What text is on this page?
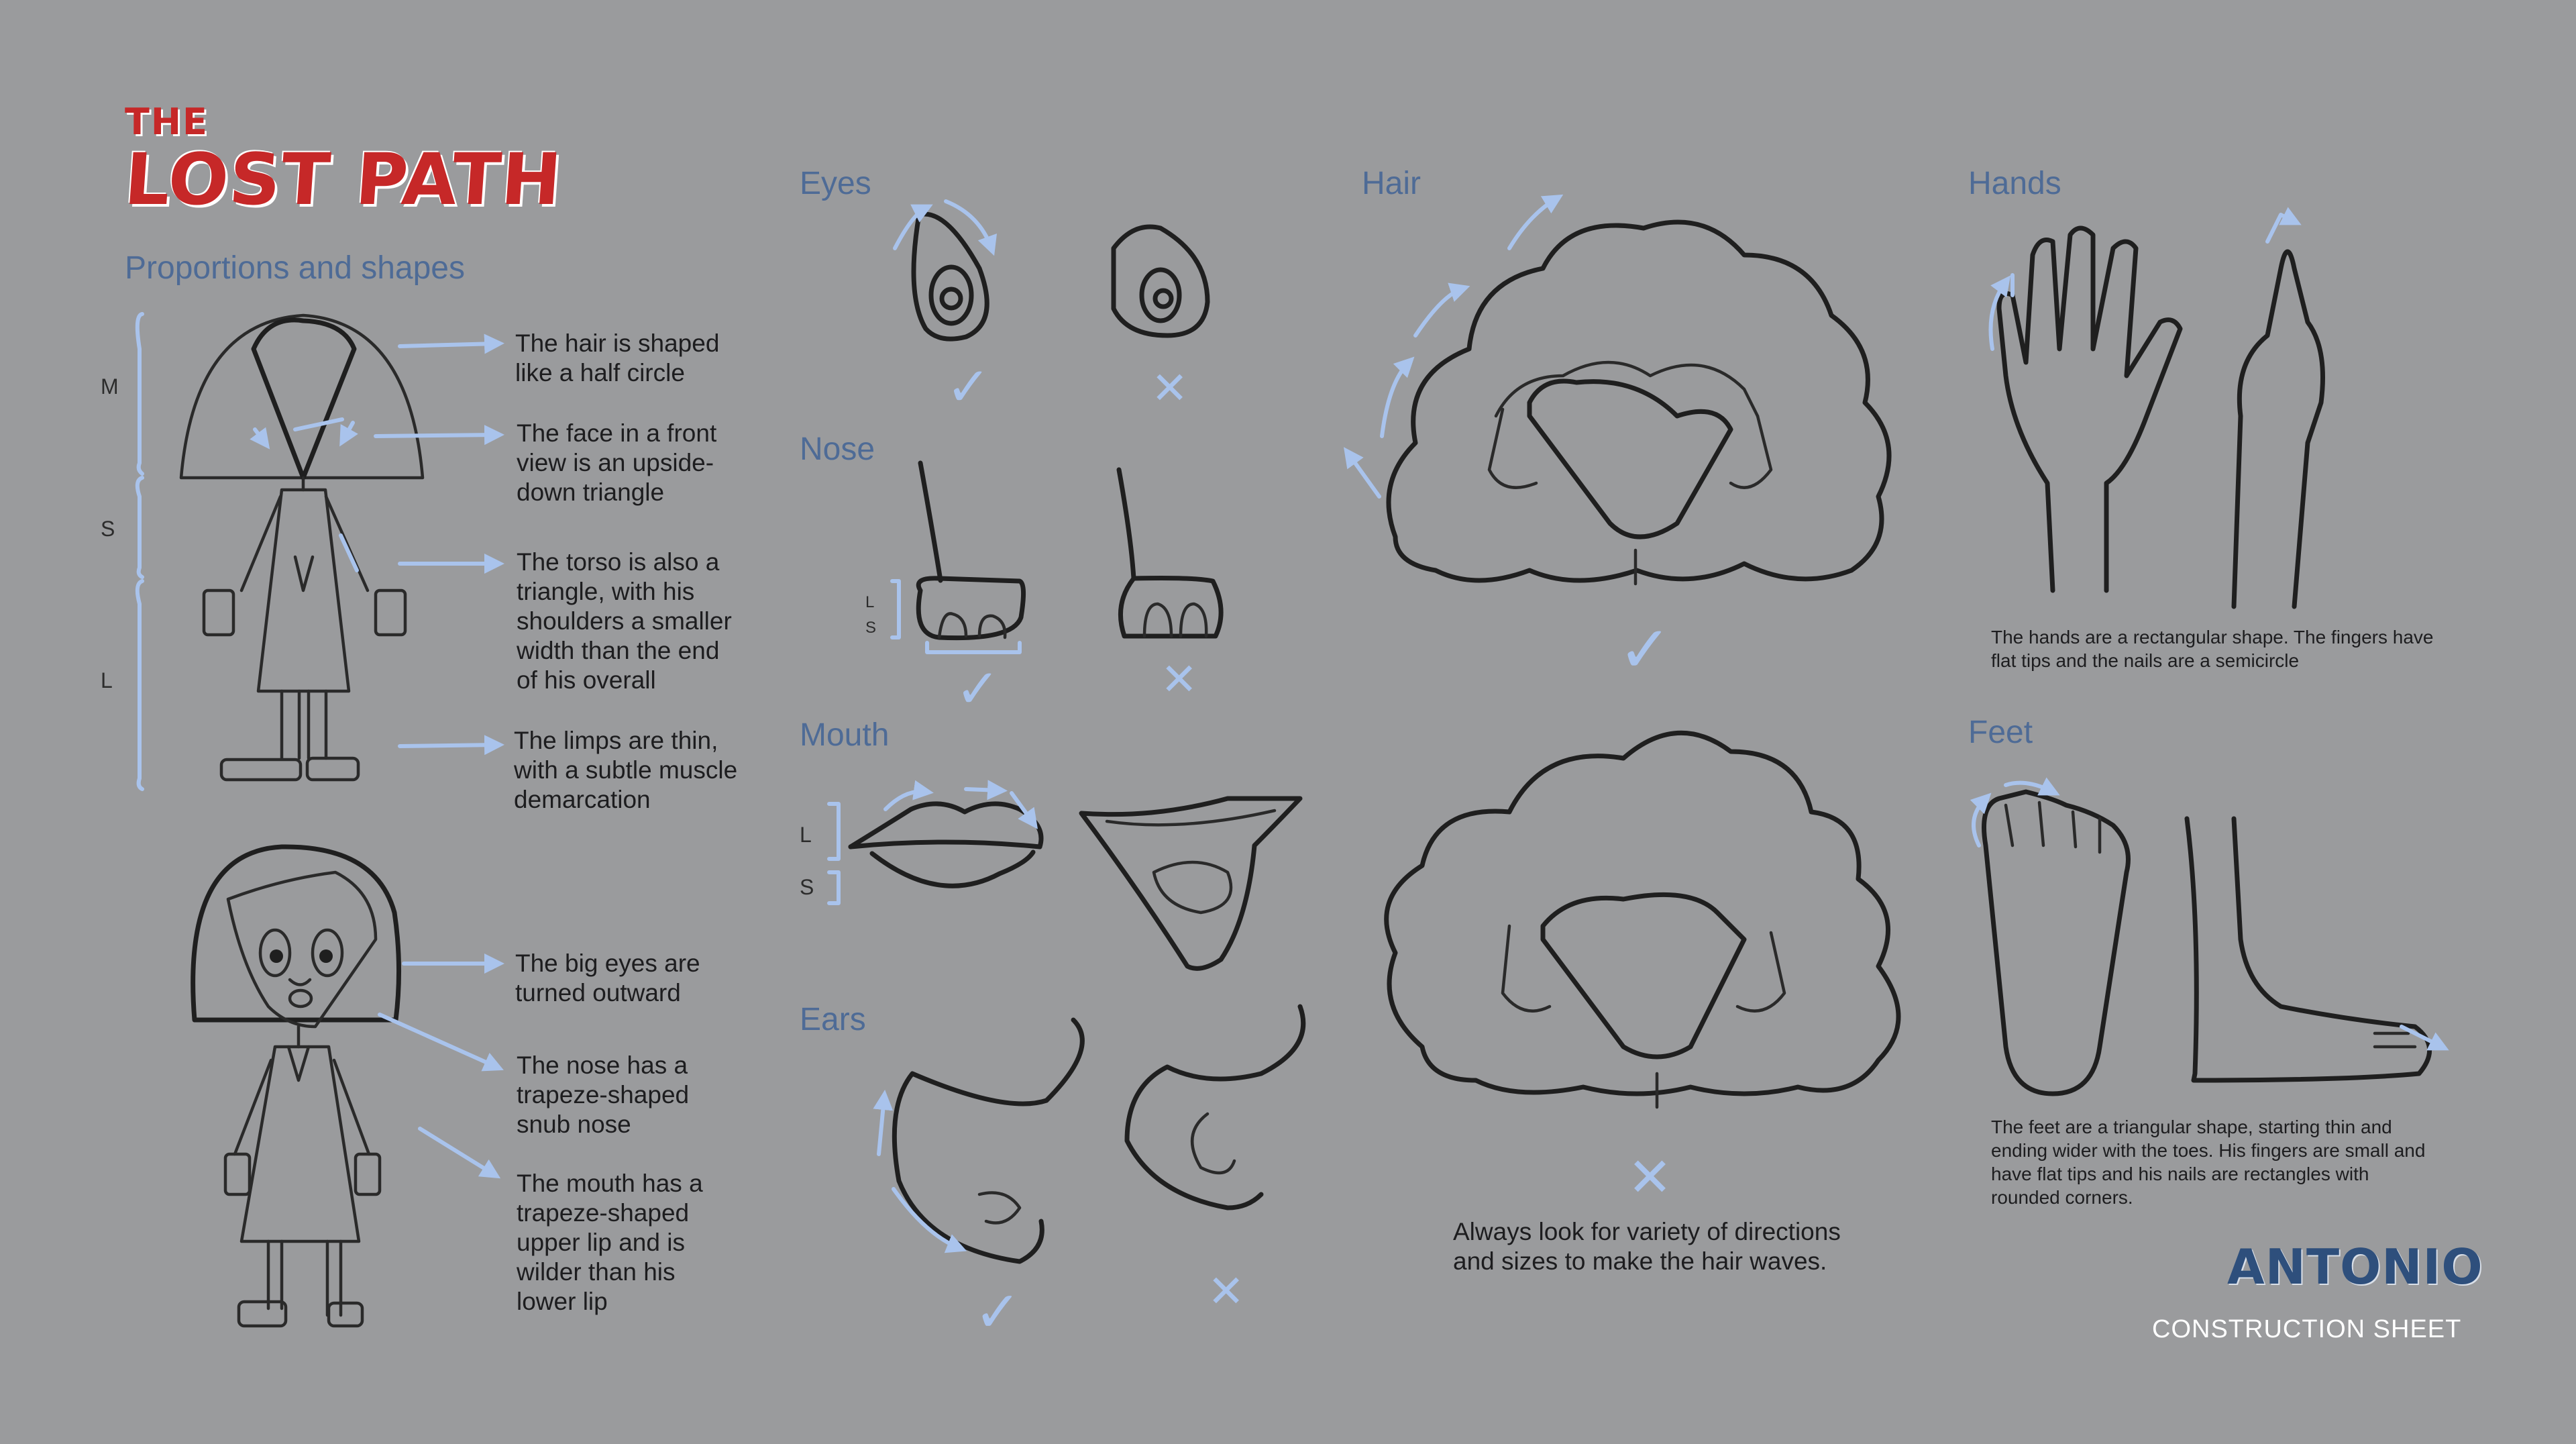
THE
LOST PATH
Proportions and shapes
M
S
L
The hair is shaped like a half circle
The face in a front view is an upside-down triangle
The torso is also a triangle, with his shoulders a smaller width than the end of his overall
The limps are thin, with a subtle muscle demarcation
The big eyes are turned outward
The nose has a trapeze-shaped snub nose
The mouth has a trapeze-shaped upper lip and is wilder than his lower lip
Eyes
Nose
Mouth
Ears
Hair	Hands
Feet
L
S
L
S
Always look for variety of directions and sizes to make the hair waves.
The hands are a rectangular shape. The fingers have flat tips and the nails are a semicircle
The feet are a triangular shape, starting thin and ending wider with the toes. His fingers are small and have flat tips and his nails are rectangles with rounded corners.
ANTONIO
CONSTRUCTION SHEET
✓	✕
✓	✕
✓	✕
✓
✕
